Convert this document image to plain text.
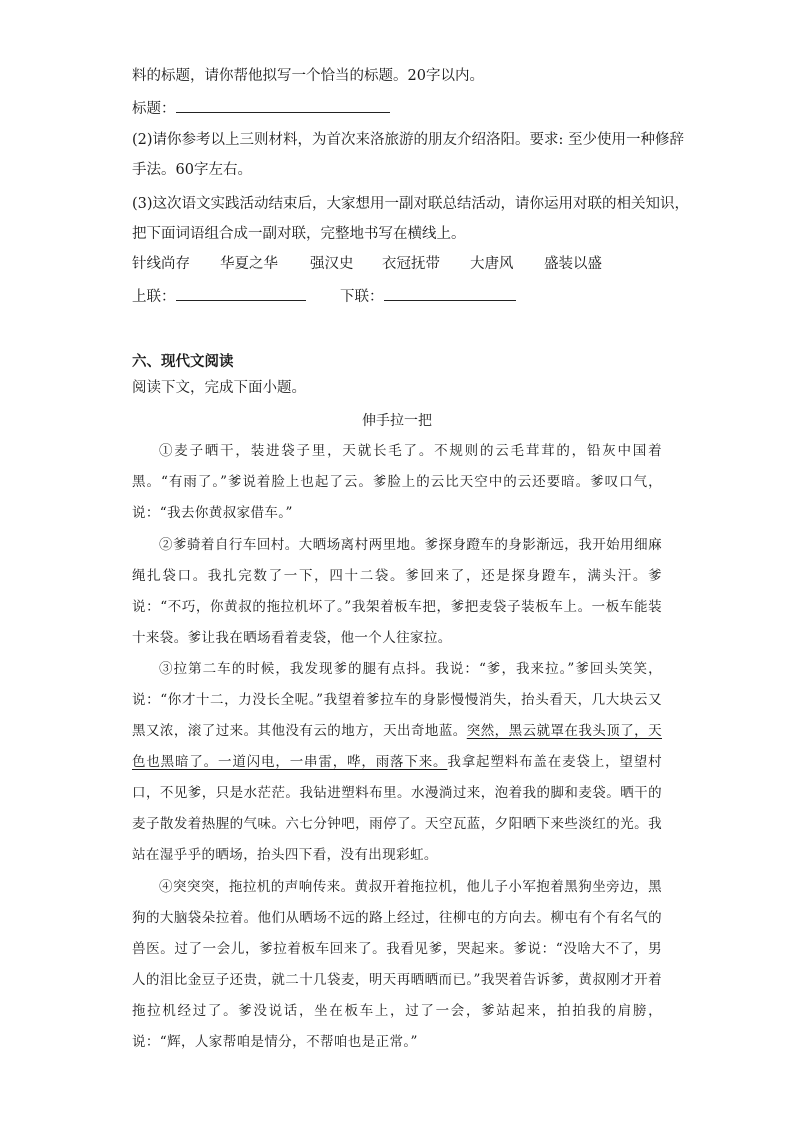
料的标题，请你帮他拟写一个恰当的标题。20字以内。
标题：
(2)请你参考以上三则材料，为首次来洛旅游的朋友介绍洛阳。要求: 至少使用一种修辞
手法。60字左右。
(3)这次语文实践活动结束后，大家想用一副对联总结活动，请你运用对联的相关知识，
把下面词语组合成一副对联，完整地书写在横线上。
针线尚存 华夏之华 强汉史 衣冠抚带 大唐风 盛装以盛
上联：	下联：
六、现代文阅读
阅读下文，完成下面小题。
伸手拉一把

①麦子晒干，装进袋子里，天就长毛了。不规则的云毛茸茸的，铅灰中国着黑。“有雨了。”爹说着脸上也起了云。爹脸上的云比天空中的云还要暗。爹叹口气，说：“我去你黄叔家借车。”

②爹骑着自行车回村。大晒场离村两里地。爹探身蹬车的身影渐远，我开始用细麻绳扎袋口。我扎完数了一下，四十二袋。爹回来了，还是探身蹬车，满头汗。爹说：“不巧，你黄叔的拖拉机坏了。”我架着板车把，爹把麦袋子装板车上。一板车能装十来袋。爹让我在晒场看着麦袋，他一个人往家拉。

③拉第二车的时候，我发现爹的腿有点抖。我说：“爹，我来拉。”爹回头笑笑，说：“你才十二，力没长全呢。”我望着爹拉车的身影慢慢消失，抬头看天，几大块云又黑又浓，滚了过来。其他没有云的地方，天出奇地蓝。突然，黑云就罩在我头顶了，天色也黑暗了。一道闪电，一串雷，哗，雨落下来。我拿起塑料布盖在麦袋上，望望村口，不见爹，只是水茫茫。我钻进塑料布里。水漫淌过来，泡着我的脚和麦袋。晒干的麦子散发着热腥的气味。六七分钟吧，雨停了。天空瓦蓝，夕阳晒下来些淡红的光。我站在湿乎乎的晒场，抬头四下看，没有出现彩虹。

④突突突，拖拉机的声响传来。黄叔开着拖拉机，他儿子小军抱着黑狗坐旁边，黑狗的大脑袋朵拉着。他们从晒场不远的路上经过，往柳屯的方向去。柳屯有个有名气的兽医。过了一会儿，爹拉着板车回来了。我看见爹，哭起来。爹说：“没啥大不了，男人的泪比金豆子还贵，就二十几袋麦，明天再晒晒而已。”我哭着告诉爹，黄叔刚才开着拖拉机经过了。爹没说话，坐在板车上，过了一会，爹站起来，拍拍我的肩膀，说：“辉，人家帮咱是情分，不帮咱也是正常。”
